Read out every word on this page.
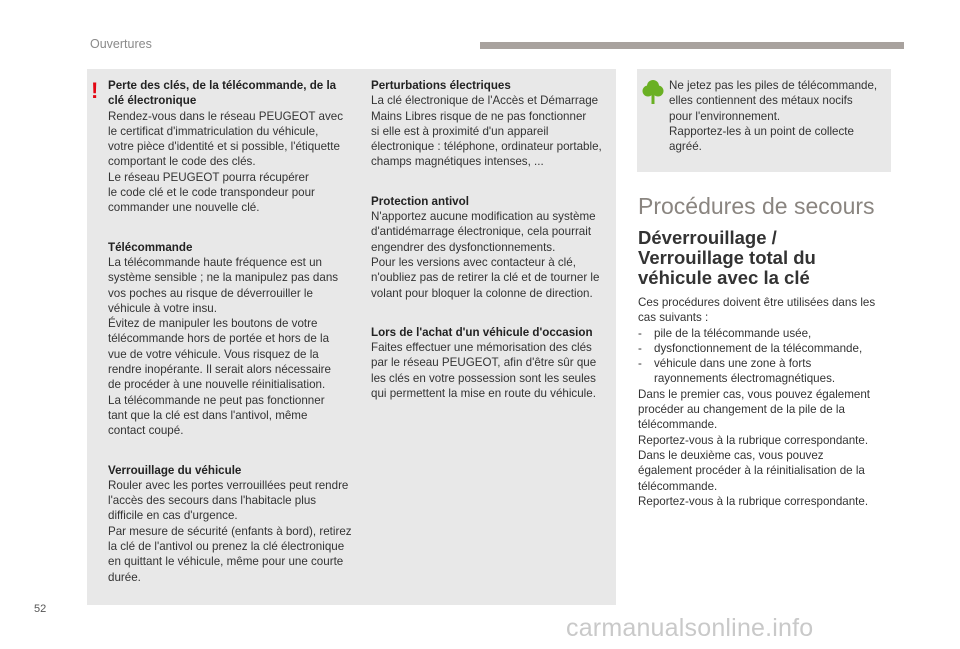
Ouvertures
! Perte des clés, de la télécommande, de la
clé électronique

Rendez-vous dans le réseau PEUGEOT avec
le certificat d'immatriculation du véhicule,
votre pièce d'identité et si possible, l'étiquette
comportant le code des clés.
Le réseau PEUGEOT pourra récupérer
le code clé et le code transpondeur pour
commander une nouvelle clé.

Télécommande

La télécommande haute fréquence est un
système sensible ; ne la manipulez pas dans
vos poches au risque de déverrouiller le
véhicule à votre insu.
Évitez de manipuler les boutons de votre
télécommande hors de portée et hors de la
vue de votre véhicule. Vous risquez de la
rendre inopérante. Il serait alors nécessaire
de procéder à une nouvelle réinitialisation.
La télécommande ne peut pas fonctionner
tant que la clé est dans l'antivol, même
contact coupé.

Verrouillage du véhicule

Rouler avec les portes verrouillées peut rendre
l'accès des secours dans l'habitacle plus
difficile en cas d'urgence.
Par mesure de sécurité (enfants à bord), retirez
la clé de l'antivol ou prenez la clé électronique
en quittant le véhicule, même pour une courte
durée.

Perturbations électriques

La clé électronique de l'Accès et Démarrage
Mains Libres risque de ne pas fonctionner
si elle est à proximité d'un appareil
électronique : téléphone, ordinateur portable,
champs magnétiques intenses, ...

Protection antivol

N'apportez aucune modification au système
d'antidémarrage électronique, cela pourrait
engendrer des dysfonctionnements.
Pour les versions avec contacteur à clé,
n'oubliez pas de retirer la clé et de tourner le
volant pour bloquer la colonne de direction.

Lors de l'achat d'un véhicule d'occasion

Faites effectuer une mémorisation des clés
par le réseau PEUGEOT, afin d'être sûr que
les clés en votre possession sont les seules
qui permettent la mise en route du véhicule.

Ne jetez pas les piles de télécommande,
elles contiennent des métaux nocifs
pour l'environnement.
Rapportez-les à un point de collecte
agréé.
Procédures de secours
Déverrouillage /
Verrouillage total du
véhicule avec la clé

Ces procédures doivent être utilisées dans les
cas suivants :

- pile de la télécommande usée,
- dysfonctionnement de la télécommande,
- véhicule dans une zone à forts
rayonnements électromagnétiques.

Dans le premier cas, vous pouvez également
procéder au changement de la pile de la
télécommande.
Reportez-vous à la rubrique correspondante.
Dans le deuxième cas, vous pouvez
également procéder à la réinitialisation de la
télécommande.
Reportez-vous à la rubrique correspondante.

52
carmanualsonline.info
